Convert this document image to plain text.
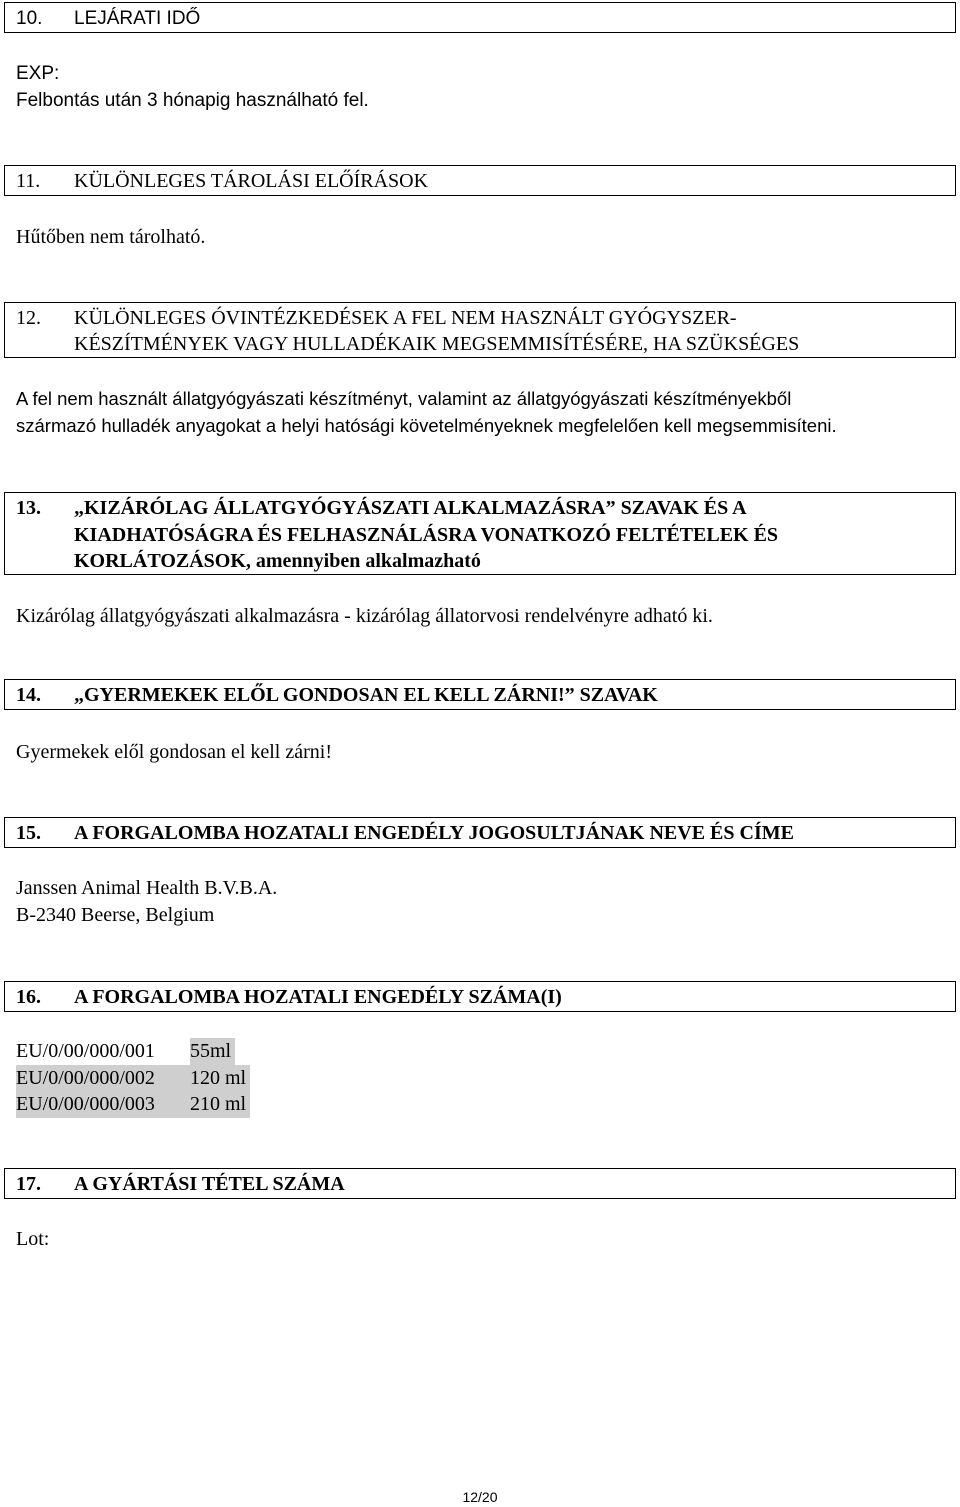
10.	LEJÁRATI IDŐ
EXP:
Felbontás után 3 hónapig használható fel.
11.	KÜLÖNLEGES TÁROLÁSI ELŐÍRÁSOK
Hűtőben nem tárolható.
12.	KÜLÖNLEGES ÓVINTÉZKEDÉSEK A FEL NEM HASZNÁLT GYÓGYSZER-
KÉSZÍTMÉNYEK VAGY HULLADÉKAIK MEGSEMMISÍTÉSÉRE, HA SZÜKSÉGES
A fel nem használt állatgyógyászati készítményt, valamint az állatgyógyászati készítményekből
származó hulladék anyagokat a helyi hatósági követelményeknek megfelelően kell megsemmisíteni.
13.	„KIZÁRÓLAG ÁLLATGYÓGYÁSZATI ALKALMAZÁSRA” SZAVAK ÉS A
KIADHATÓSÁGRA ÉS FELHASZNÁLÁSRA VONATKOZÓ FELTÉTELEK ÉS
KORLÁTOZÁSOK, amennyiben alkalmazható
Kizárólag állatgyógyászati alkalmazásra - kizárólag állatorvosi rendelvényre adható ki.
14.	„GYERMEKEK ELŐL GONDOSAN EL KELL ZÁRNI!” SZAVAK
Gyermekek elől gondosan el kell zárni!
15.	A FORGALOMBA HOZATALI ENGEDÉLY JOGOSULTJÁNAK NEVE ÉS CÍME
Janssen Animal Health B.V.B.A.
B-2340 Beerse, Belgium
16.	A FORGALOMBA HOZATALI ENGEDÉLY SZÁMA(I)
EU/0/00/000/001	55ml
EU/0/00/000/002	120 ml
EU/0/00/000/003	210 ml
17.	A GYÁRTÁSI TÉTEL SZÁMA
Lot:
12/20
